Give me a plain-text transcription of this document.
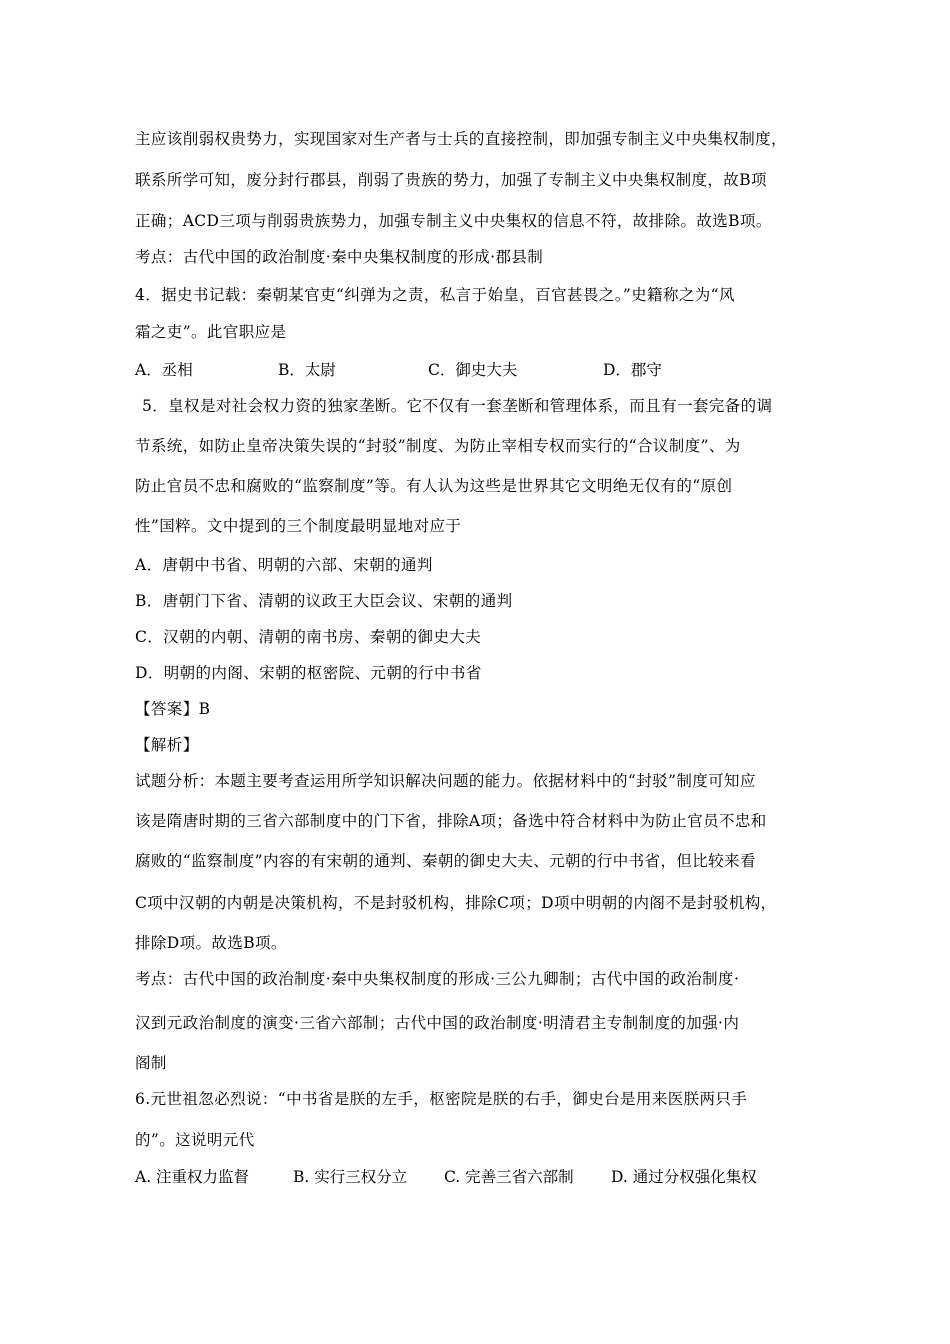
主应该削弱权贵势力，实现国家对生产者与士兵的直接控制，即加强专制主义中央集权制度，
联系所学可知，废分封行郡县，削弱了贵族的势力，加强了专制主义中央集权制度，故B项
正确；ACD三项与削弱贵族势力，加强专制主义中央集权的信息不符，故排除。故选B项。
考点：古代中国的政治制度·秦中央集权制度的形成·郡县制
4．据史书记载：秦朝某官吏“纠弹为之责，私言于始皇，百官甚畏之。”史籍称之为“风
霜之吏”。此官职应是
A．丞相	B．太尉	C．御史大夫	D．郡守
5．皇权是对社会权力资的独家垄断。它不仅有一套垄断和管理体系，而且有一套完备的调
节系统，如防止皇帝决策失误的“封驳”制度、为防止宰相专权而实行的“合议制度”、为
防止官员不忠和腐败的“监察制度”等。有人认为这些是世界其它文明绝无仅有的“原创
性”国粹。文中提到的三个制度最明显地对应于
A．唐朝中书省、明朝的六部、宋朝的通判
B．唐朝门下省、清朝的议政王大臣会议、宋朝的通判
C．汉朝的内朝、清朝的南书房、秦朝的御史大夫
D．明朝的内阁、宋朝的枢密院、元朝的行中书省
【答案】B
【解析】
试题分析：本题主要考查运用所学知识解决问题的能力。依据材料中的“封驳”制度可知应
该是隋唐时期的三省六部制度中的门下省，排除A项；备选中符合材料中为防止官员不忠和
腐败的“监察制度”内容的有宋朝的通判、秦朝的御史大夫、元朝的行中书省，但比较来看
C项中汉朝的内朝是决策机构，不是封驳机构，排除C项；D项中明朝的内阁不是封驳机构，
排除D项。故选B项。
考点：古代中国的政治制度·秦中央集权制度的形成·三公九卿制；古代中国的政治制度·
汉到元政治制度的演变·三省六部制；古代中国的政治制度·明清君主专制制度的加强·内
阁制
6.元世祖忽必烈说：“中书省是朕的左手，枢密院是朕的右手，御史台是用来医朕两只手
的”。这说明元代
A. 注重权力监督	B. 实行三权分立 C. 完善三省六部制 D. 通过分权强化集权
